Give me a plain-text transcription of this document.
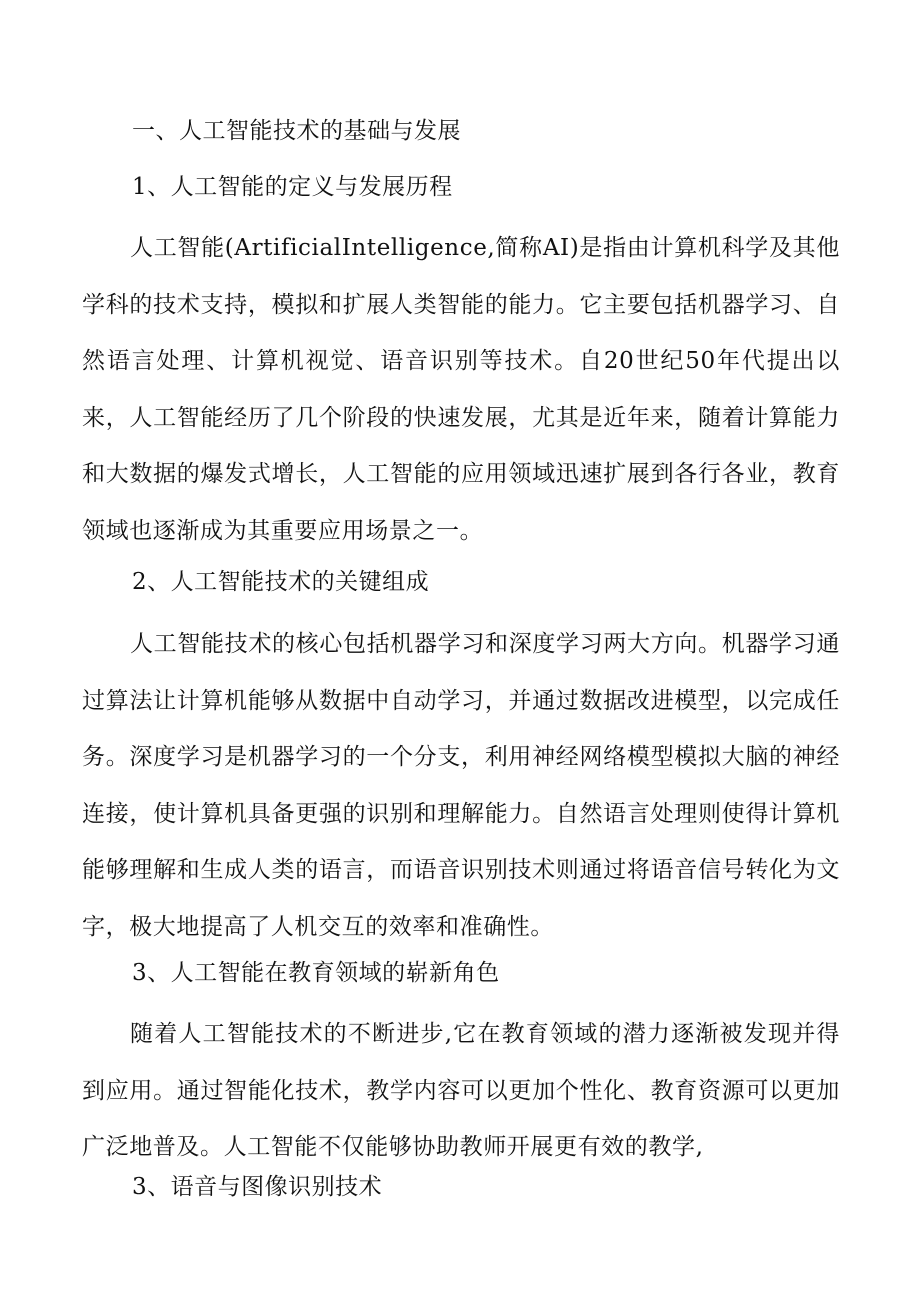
一、人工智能技术的基础与发展
1、人工智能的定义与发展历程
人工智能(ArtificialIntelligence,简称AI)是指由计算机科学及其他学科的技术支持，模拟和扩展人类智能的能力。它主要包括机器学习、自然语言处理、计算机视觉、语音识别等技术。自20世纪50年代提出以来，人工智能经历了几个阶段的快速发展，尤其是近年来，随着计算能力和大数据的爆发式增长，人工智能的应用领域迅速扩展到各行各业，教育领域也逐渐成为其重要应用场景之一。
2、人工智能技术的关键组成
人工智能技术的核心包括机器学习和深度学习两大方向。机器学习通过算法让计算机能够从数据中自动学习，并通过数据改进模型，以完成任务。深度学习是机器学习的一个分支，利用神经网络模型模拟大脑的神经连接，使计算机具备更强的识别和理解能力。自然语言处理则使得计算机能够理解和生成人类的语言，而语音识别技术则通过将语音信号转化为文字，极大地提高了人机交互的效率和准确性。
3、人工智能在教育领域的崭新角色
随着人工智能技术的不断进步,它在教育领域的潜力逐渐被发现并得到应用。通过智能化技术，教学内容可以更加个性化、教育资源可以更加广泛地普及。人工智能不仅能够协助教师开展更有效的教学,
3、语音与图像识别技术
